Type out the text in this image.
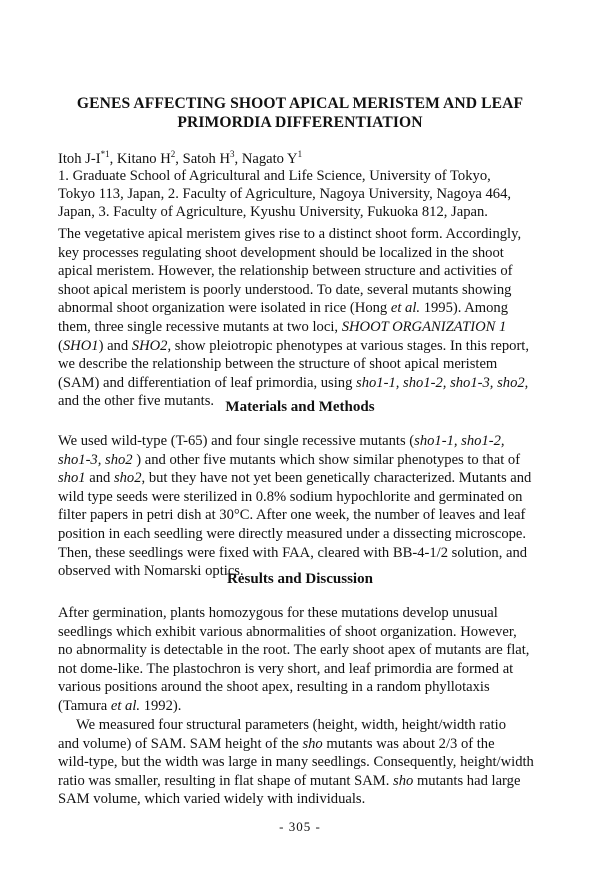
GENES AFFECTING SHOOT APICAL MERISTEM AND LEAF
PRIMORDIA DIFFERENTIATION
Itoh $J-I^{*1}$, Kitano $H^2$, Satoh $H^3$, Nagato $Y^1$
1. Graduate School of Agricultural and Life Science, University of Tokyo,
Tokyo 113, Japan, 2. Faculty of Agriculture, Nagoya University, Nagoya 464,
Japan, 3. Faculty of Agriculture, Kyushu University, Fukuoka 812, Japan.
The vegetative apical meristem gives rise to a distinct shoot form. Accordingly,
key processes regulating shoot development should be localized in the shoot
apical meristem. However, the relationship between structure and activities of
shoot apical meristem is poorly understood. To date, several mutants showing
abnormal shoot organization were isolated in rice (Hong et al. 1995). Among
them, three single recessive mutants at two loci, SHOOT ORGANIZATION 1
(SHO1) and SHO2, show pleiotropic phenotypes at various stages. In this report,
we describe the relationship between the structure of shoot apical meristem
(SAM) and differentiation of leaf primordia, using sho1-1, sho1-2, sho1-3, sho2,
and the other five mutants. Materials and Methods
We used wild-type (T-65) and four single recessive mutants (sho1-1, sho1-2,
sho1-3, sho2 ) and other five mutants which show similar phenotypes to that of
sho1 and sho2, but they have not yet been genetically characterized. Mutants and
wild type seeds were sterilized in 0.8% sodium hypochlorite and germinated on
filter papers in petri dish at 30°C. After one week, the number of leaves and leaf
position in each seedling were directly measured under a dissecting microscope.
Then, these seedlings were fixed with FAA, cleared with BB-4-1/2 solution, and
observed with Nomarski optics.
Results and Discussion
After germination, plants homozygous for these mutations develop unusual
seedlings which exhibit various abnormalities of shoot organization. However,
no abnormality is detectable in the root. The early shoot apex of mutants are flat,
not dome-like. The plastochron is very short, and leaf primordia are formed at
various positions around the shoot apex, resulting in a random phyllotaxis
(Tamura et al. 1992).
We measured four structural parameters (height, width, height/width ratio
and volume) of SAM. SAM height of the sho mutants was about 2/3 of the
wild-type, but the width was large in many seedlings. Consequently, height/width
ratio was smaller, resulting in flat shape of mutant SAM. sho mutants had large
SAM volume, which varied widely with individuals.
- 305 -
